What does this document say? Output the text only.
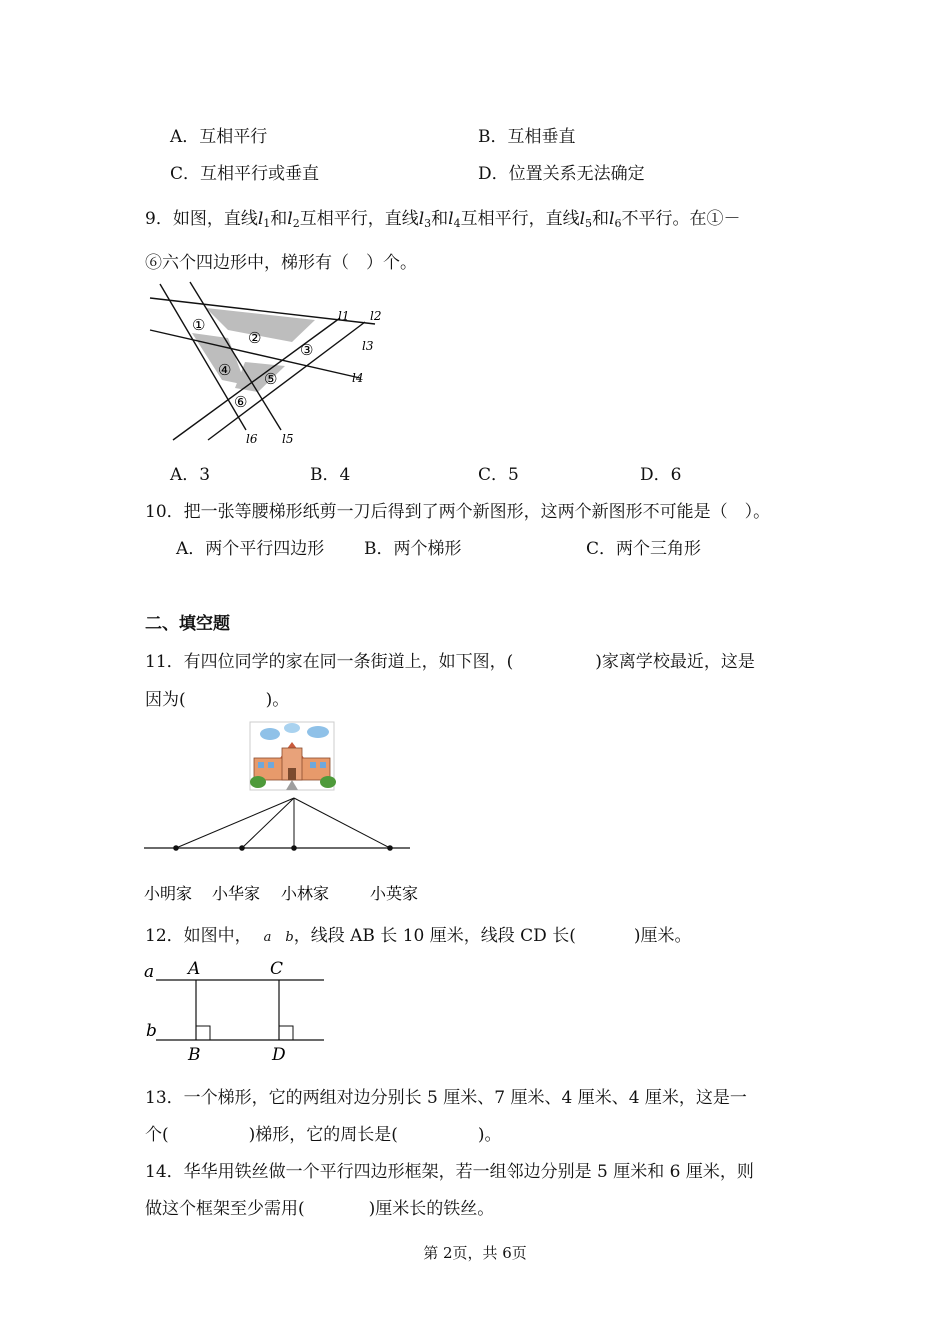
A．互相平行	B．互相垂直
C．互相平行或垂直	D．位置关系无法确定
9．如图，直线$l_1$和$l_2$互相平行，直线$l_3$和$l_4$互相平行，直线$l_5$和$l_6$不平行。在①－
⑥六个四边形中，梯形有（　）个。
①
②
③
④ ⑤
⑥
l1 l2
l3
l4
l5
l6
A．3	B．4	C．5	D．6
10．把一张等腰梯形纸剪一刀后得到了两个新图形，这两个新图形不可能是（　）。
A．两个平行四边形 B．两个梯形	C．两个三角形
二、填空题
11．有四位同学的家在同一条街道上，如下图，(	)家离学校最近，这是
因为(	)。
小明家 小华家 小林家	小英家
12．如图中， a b，线段 AB 长 10 厘米，线段 CD 长(	)厘米。
a
b
A
B
C
D
13．一个梯形，它的两组对边分别长 5 厘米、7 厘米、4 厘米、4 厘米，这是一
个(	)梯形，它的周长是(	)。
14．华华用铁丝做一个平行四边形框架，若一组邻边分别是 5 厘米和 6 厘米，则
做这个框架至少需用(	)厘米长的铁丝。
第 2页，共 6页
